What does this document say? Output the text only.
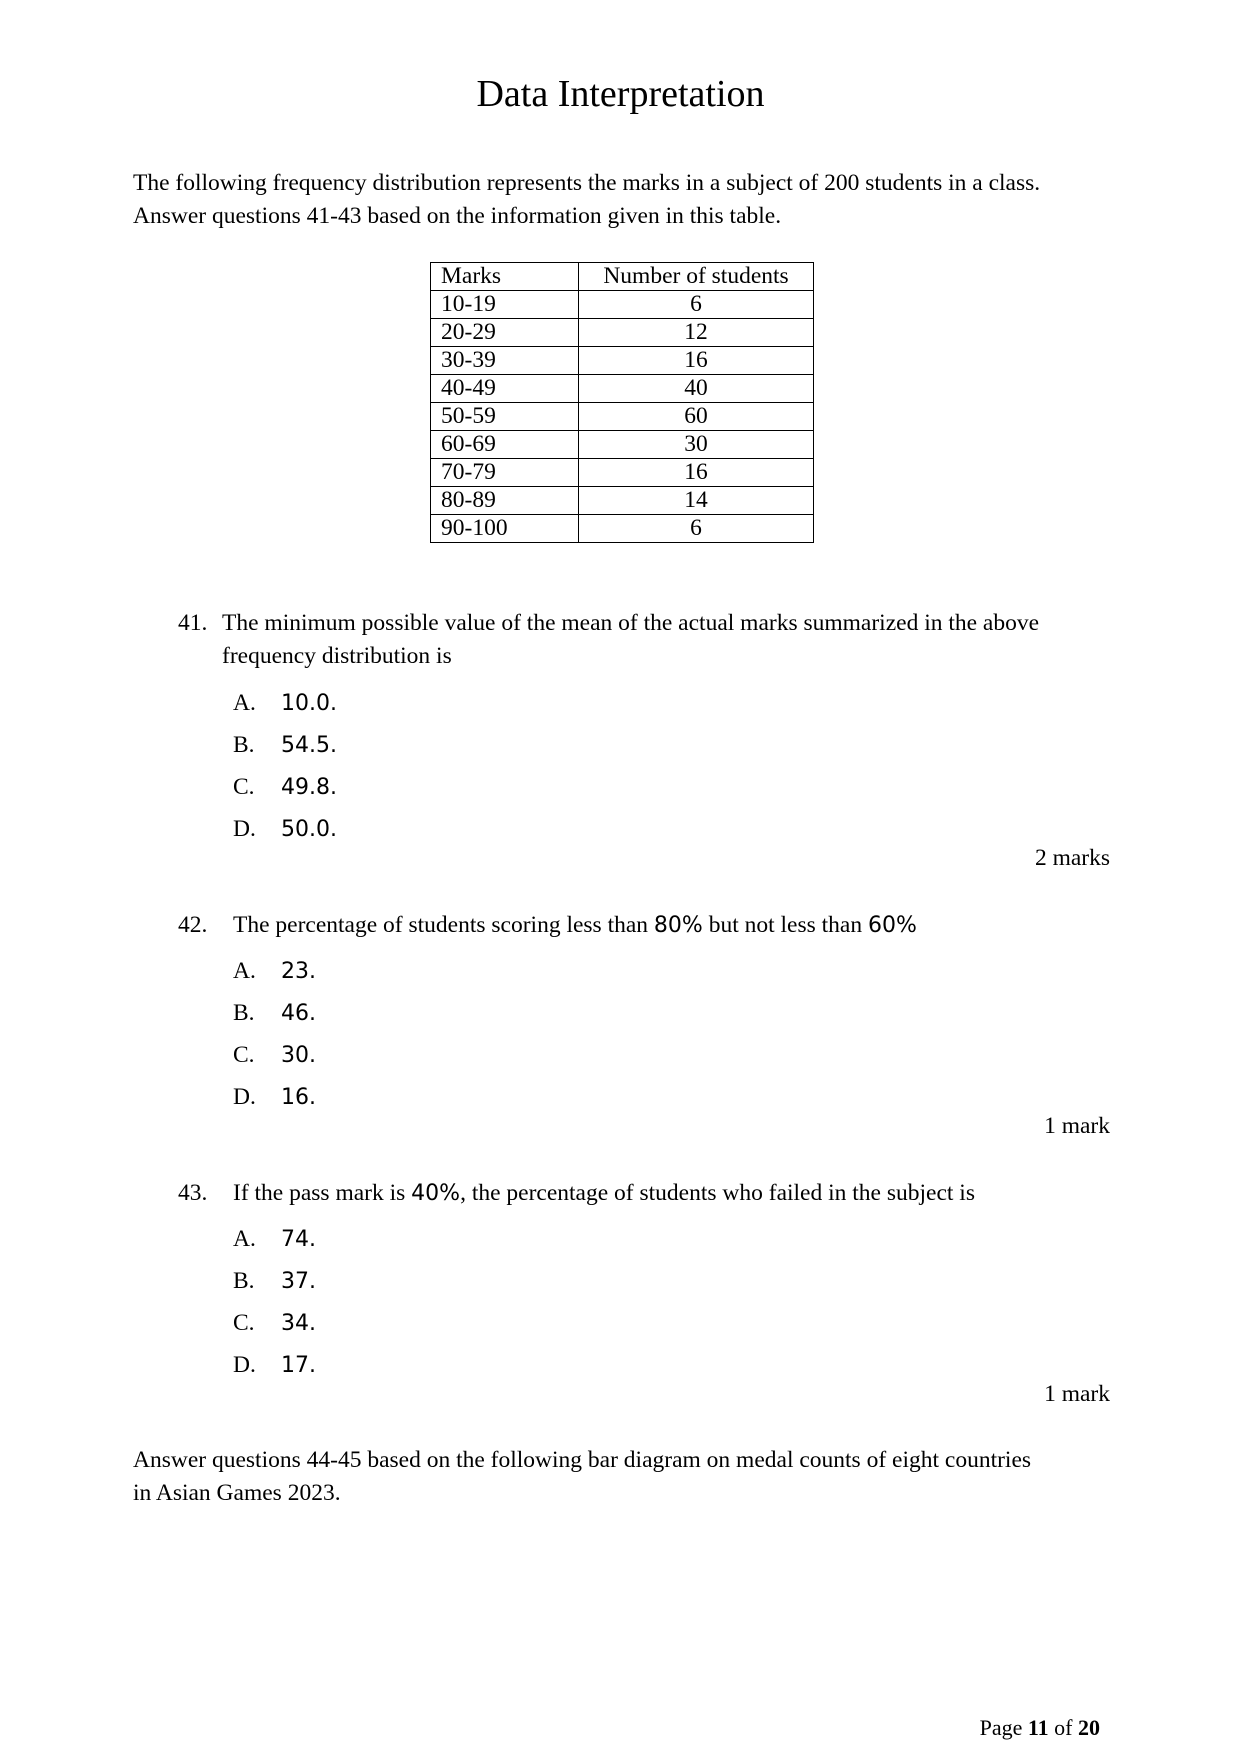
Data Interpretation
The following frequency distribution represents the marks in a subject of 200 students in a class.
Answer questions 41-43 based on the information given in this table.
Marks	Number of students
10-19	6
20-29	12
30-39	16
40-49	40
50-59	60
60-69	30
70-79	16
80-89	14
90-100	6
41. The minimum possible value of the mean of the actual marks summarized in the above
frequency distribution is
A. 10.0.
B. 54.5.
C. 49.8.
D. 50.0.
2 marks
42. The percentage of students scoring less than 80% but not less than 60%
A. 23.
B. 46.
C. 30.
D. 16.
1 mark
43. If the pass mark is 40%, the percentage of students who failed in the subject is
A. 74.
B. 37.
C. 34.
D. 17.
1 mark
Answer questions 44-45 based on the following bar diagram on medal counts of eight countries
in Asian Games 2023.
Page 11 of 20
